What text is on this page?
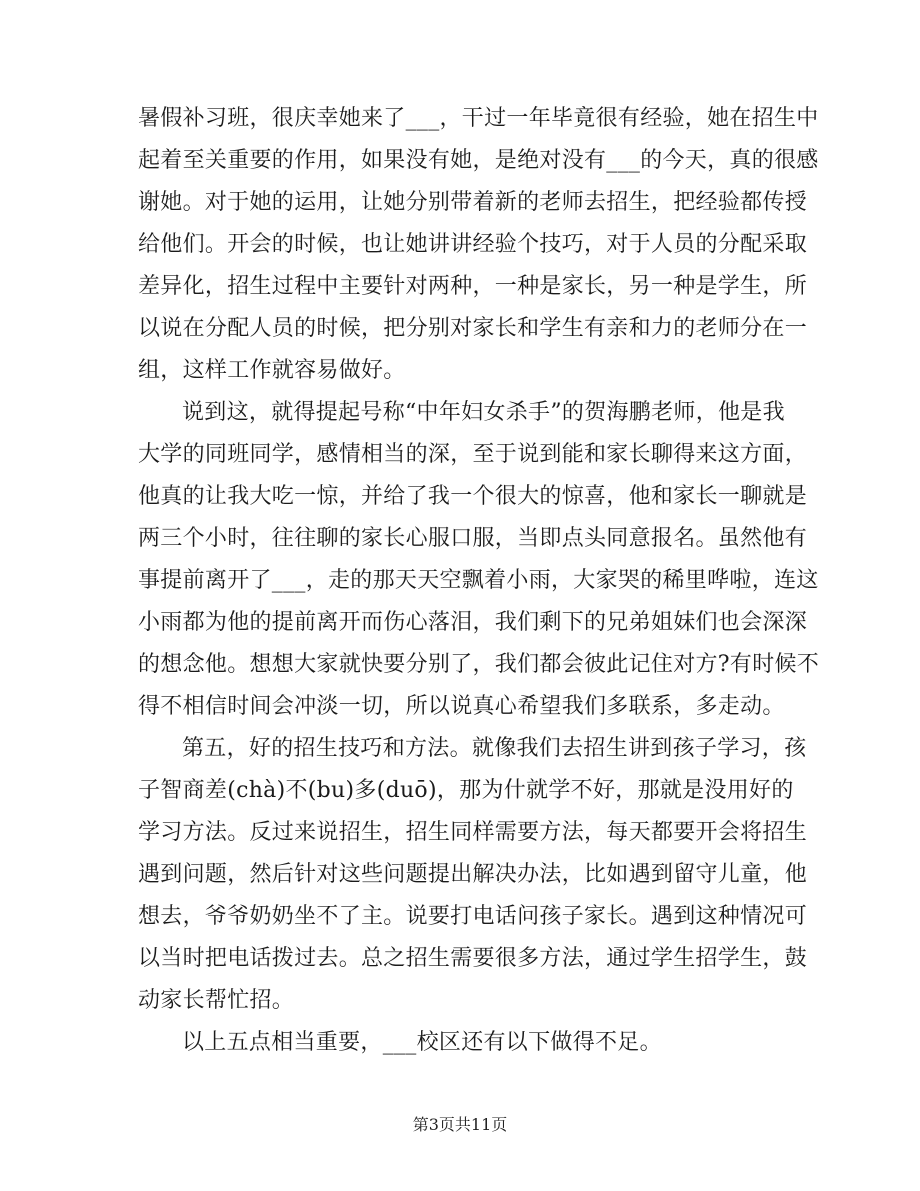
暑假补习班，很庆幸她来了___，干过一年毕竟很有经验，她在招生中
起着至关重要的作用，如果没有她，是绝对没有___的今天，真的很感
谢她。对于她的运用，让她分别带着新的老师去招生，把经验都传授
给他们。开会的时候，也让她讲讲经验个技巧，对于人员的分配采取
差异化，招生过程中主要针对两种，一种是家长，另一种是学生，所
以说在分配人员的时候，把分别对家长和学生有亲和力的老师分在一
组，这样工作就容易做好。
说到这，就得提起号称“中年妇女杀手”的贺海鹏老师，他是我
大学的同班同学，感情相当的深，至于说到能和家长聊得来这方面，
他真的让我大吃一惊，并给了我一个很大的惊喜，他和家长一聊就是
两三个小时，往往聊的家长心服口服，当即点头同意报名。虽然他有
事提前离开了___，走的那天天空飘着小雨，大家哭的稀里哗啦，连这
小雨都为他的提前离开而伤心落泪，我们剩下的兄弟姐妹们也会深深
的想念他。想想大家就快要分别了，我们都会彼此记住对方?有时候不
得不相信时间会冲淡一切，所以说真心希望我们多联系，多走动。
第五，好的招生技巧和方法。就像我们去招生讲到孩子学习，孩
子智商差(chà)不(bu)多(duō)，那为什就学不好，那就是没用好的
学习方法。反过来说招生，招生同样需要方法，每天都要开会将招生
遇到问题，然后针对这些问题提出解决办法，比如遇到留守儿童，他
想去，爷爷奶奶坐不了主。说要打电话问孩子家长。遇到这种情况可
以当时把电话拨过去。总之招生需要很多方法，通过学生招学生，鼓
动家长帮忙招。
以上五点相当重要，___校区还有以下做得不足。
第3页共11页
